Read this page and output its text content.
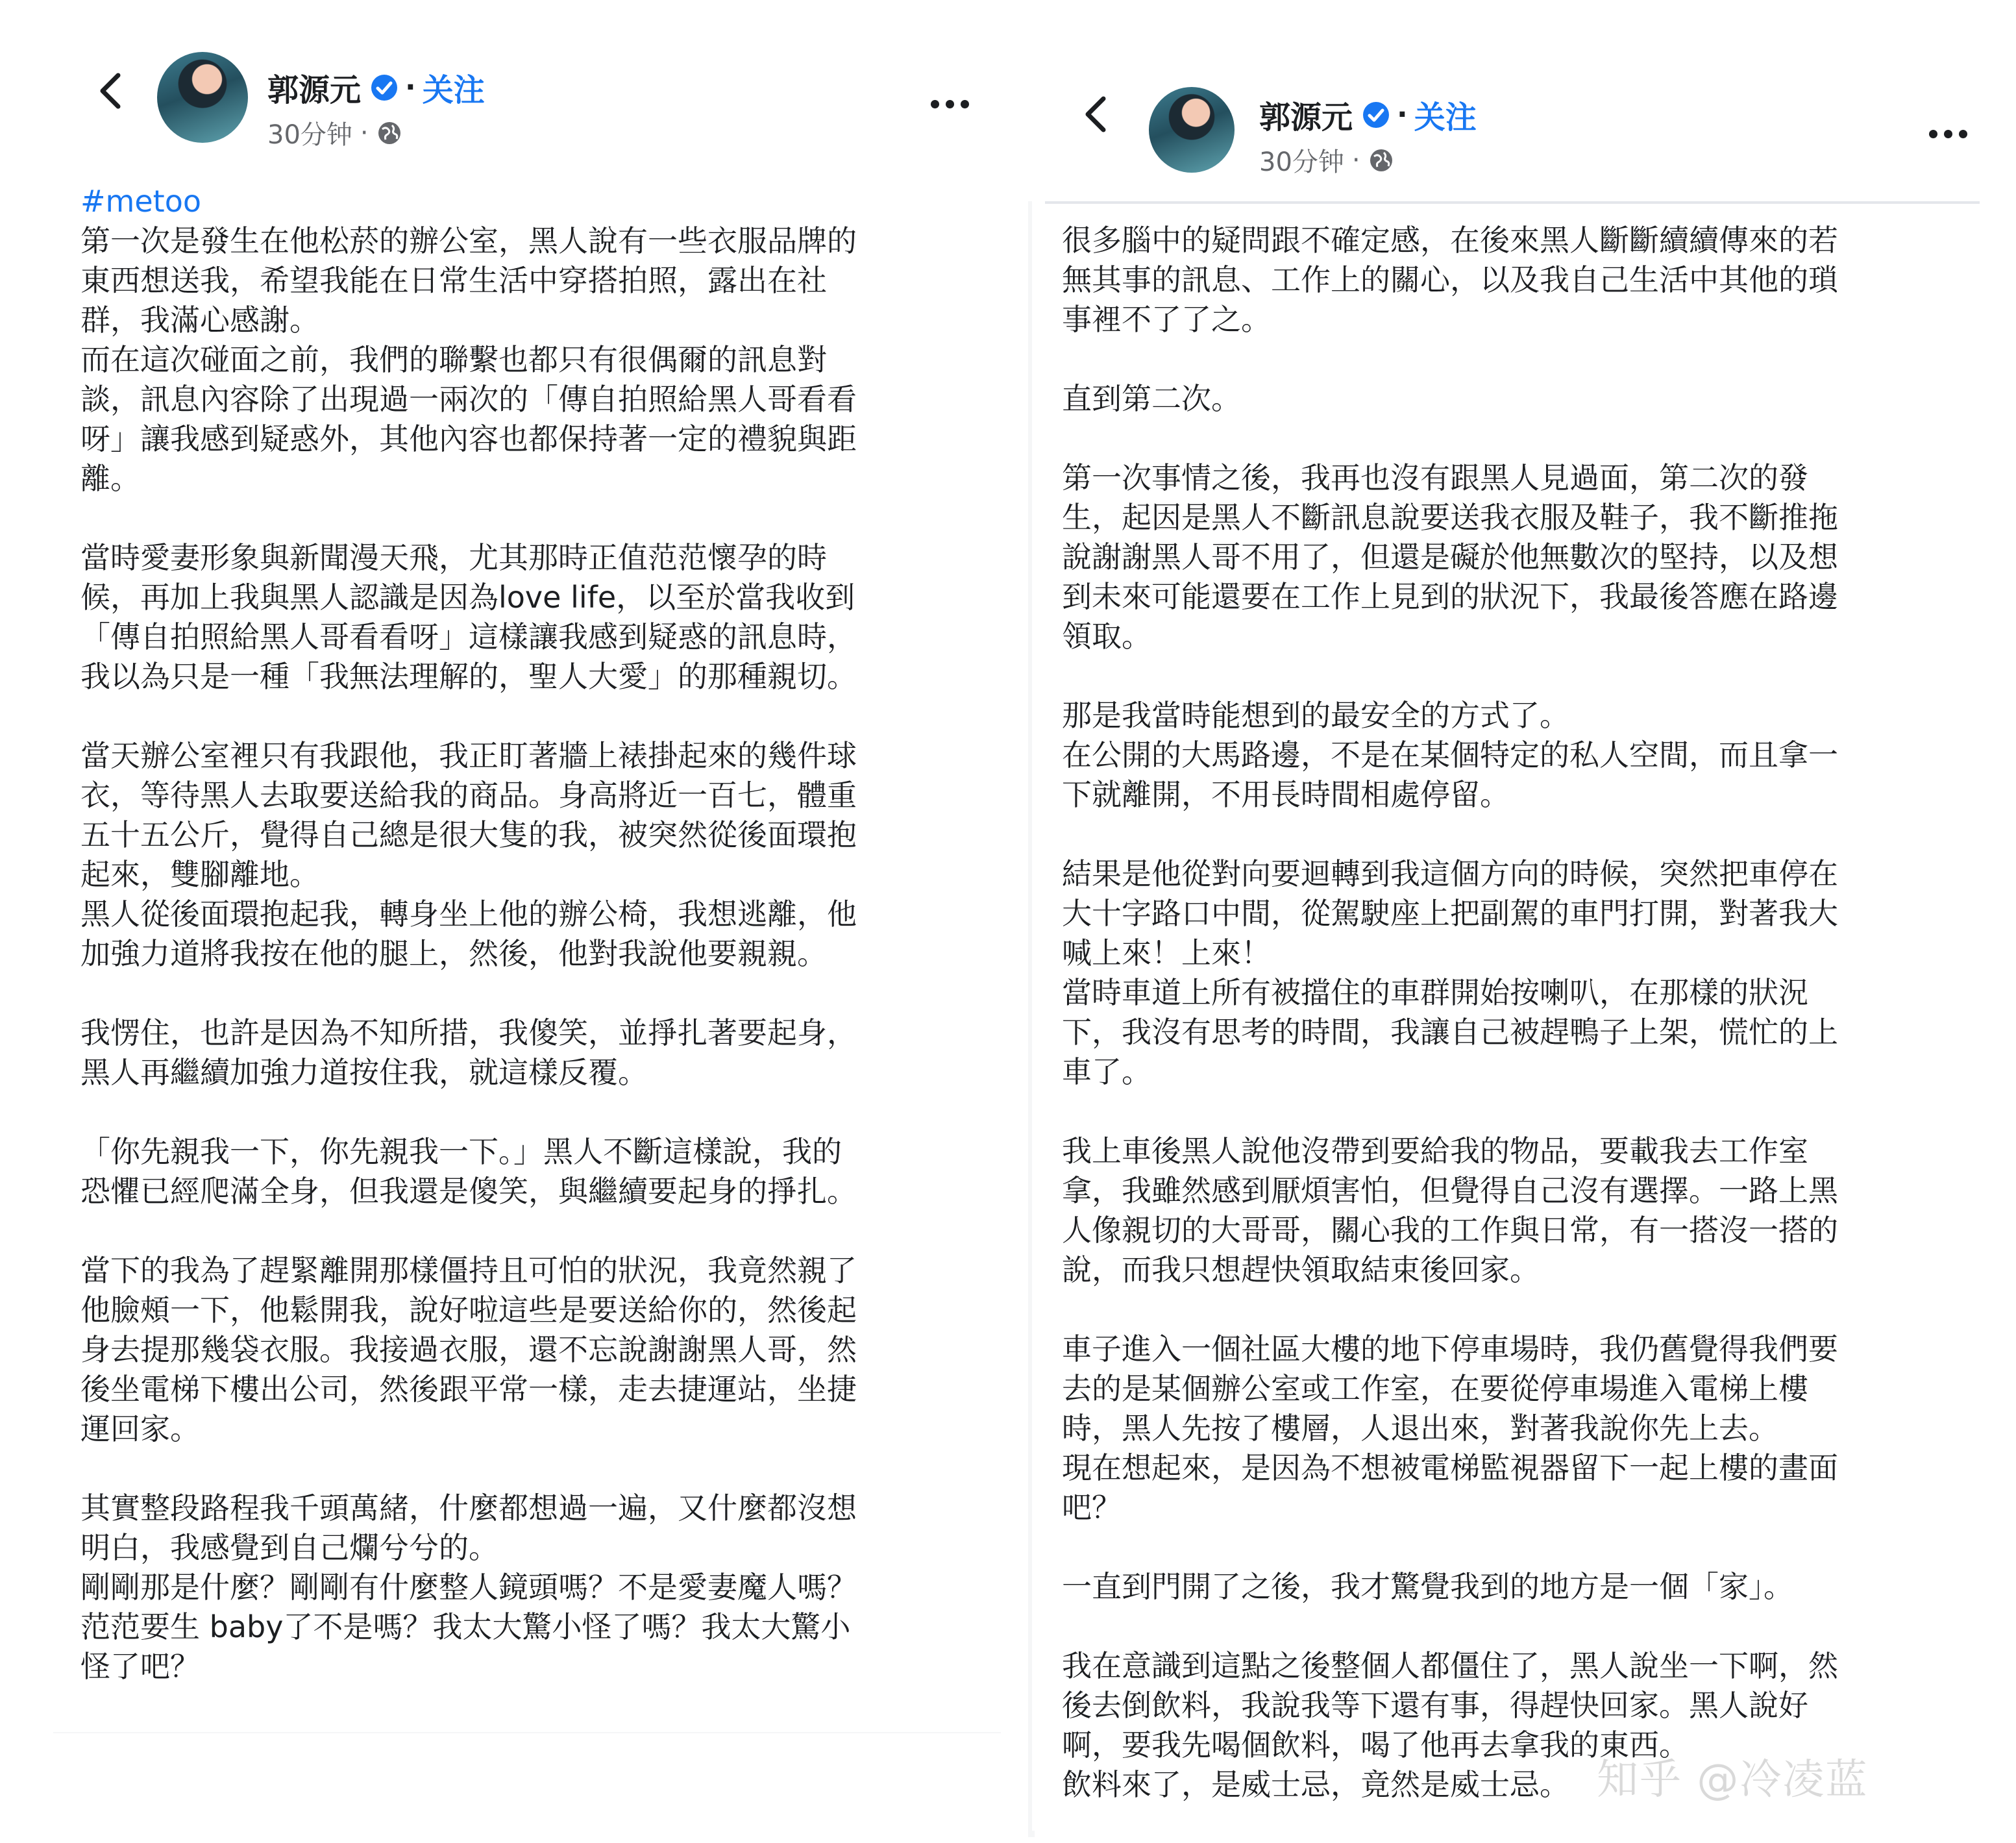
郭源元 · 关注
30分钟 ·
#metoo
第一次是發生在他松菸的辦公室，黑人說有一些衣服品牌的
東西想送我，希望我能在日常生活中穿搭拍照，露出在社
群，我滿心感謝。
而在這次碰面之前，我們的聯繫也都只有很偶爾的訊息對
談，訊息內容除了出現過一兩次的「傳自拍照給黑人哥看看
呀」讓我感到疑惑外，其他內容也都保持著一定的禮貌與距
離。
當時愛妻形象與新聞漫天飛，尤其那時正值范范懷孕的時
候，再加上我與黑人認識是因為love life，以至於當我收到
「傳自拍照給黑人哥看看呀」這樣讓我感到疑惑的訊息時，
我以為只是一種「我無法理解的，聖人大愛」的那種親切。
當天辦公室裡只有我跟他，我正盯著牆上裱掛起來的幾件球
衣，等待黑人去取要送給我的商品。身高將近一百七，體重
五十五公斤，覺得自己總是很大隻的我，被突然從後面環抱
起來，雙腳離地。
黑人從後面環抱起我，轉身坐上他的辦公椅，我想逃離，他
加強力道將我按在他的腿上，然後，他對我說他要親親。
我愣住，也許是因為不知所措，我傻笑，並掙扎著要起身，
黑人再繼續加強力道按住我，就這樣反覆。
「你先親我一下，你先親我一下。」黑人不斷這樣說，我的
恐懼已經爬滿全身，但我還是傻笑，與繼續要起身的掙扎。
當下的我為了趕緊離開那樣僵持且可怕的狀況，我竟然親了
他臉頰一下，他鬆開我，說好啦這些是要送給你的，然後起
身去提那幾袋衣服。我接過衣服，還不忘說謝謝黑人哥，然
後坐電梯下樓出公司，然後跟平常一樣，走去捷運站，坐捷
運回家。
其實整段路程我千頭萬緒，什麼都想過一遍，又什麼都沒想
明白，我感覺到自己爛兮兮的。
剛剛那是什麼？剛剛有什麼整人鏡頭嗎？不是愛妻魔人嗎？
范范要生 baby了不是嗎？我太大驚小怪了嗎？我太大驚小
怪了吧？
郭源元 · 关注
30分钟 ·
很多腦中的疑問跟不確定感，在後來黑人斷斷續續傳來的若
無其事的訊息、工作上的關心，以及我自己生活中其他的瑣
事裡不了了之。
直到第二次。
第一次事情之後，我再也沒有跟黑人見過面，第二次的發
生，起因是黑人不斷訊息說要送我衣服及鞋子，我不斷推拖
說謝謝黑人哥不用了，但還是礙於他無數次的堅持，以及想
到未來可能還要在工作上見到的狀況下，我最後答應在路邊
領取。
那是我當時能想到的最安全的方式了。
在公開的大馬路邊，不是在某個特定的私人空間，而且拿一
下就離開，不用長時間相處停留。
結果是他從對向要迴轉到我這個方向的時候，突然把車停在
大十字路口中間，從駕駛座上把副駕的車門打開，對著我大
喊上來！上來！
當時車道上所有被擋住的車群開始按喇叭，在那樣的狀況
下，我沒有思考的時間，我讓自己被趕鴨子上架，慌忙的上
車了。
我上車後黑人說他沒帶到要給我的物品，要載我去工作室
拿，我雖然感到厭煩害怕，但覺得自己沒有選擇。一路上黑
人像親切的大哥哥，關心我的工作與日常，有一搭沒一搭的
說，而我只想趕快領取結束後回家。
車子進入一個社區大樓的地下停車場時，我仍舊覺得我們要
去的是某個辦公室或工作室，在要從停車場進入電梯上樓
時，黑人先按了樓層，人退出來，對著我說你先上去。
現在想起來，是因為不想被電梯監視器留下一起上樓的畫面
吧？
一直到門開了之後，我才驚覺我到的地方是一個「家」。
我在意識到這點之後整個人都僵住了，黑人說坐一下啊，然
後去倒飲料，我說我等下還有事，得趕快回家。黑人說好
啊，要我先喝個飲料，喝了他再去拿我的東西。
飲料來了，是威士忌，竟然是威士忌。 知乎 @冷凌蓝
